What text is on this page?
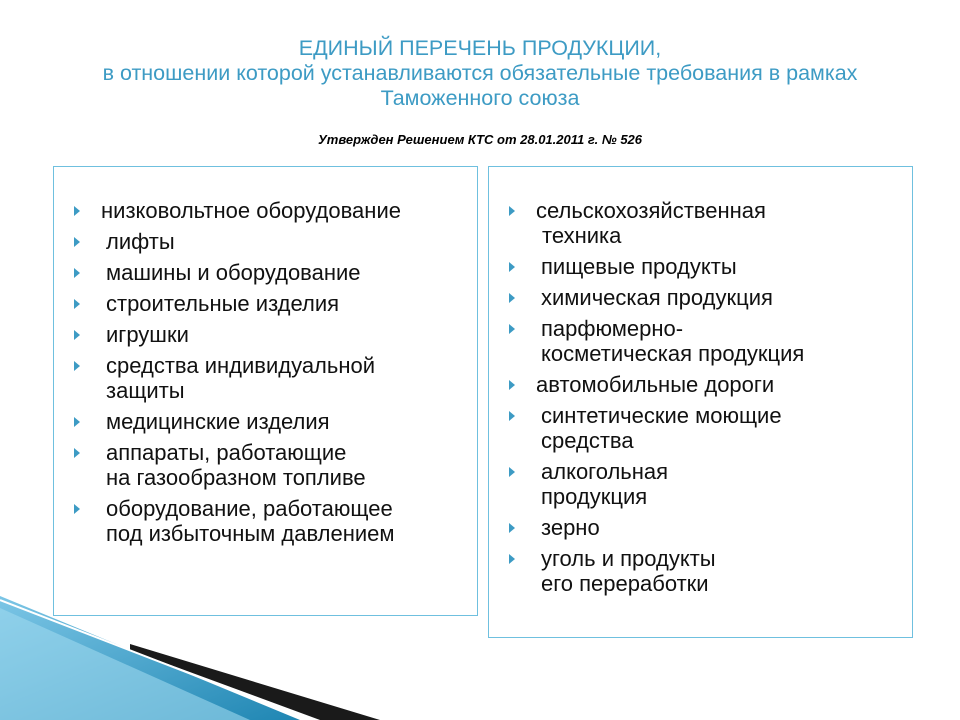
ЕДИНЫЙ ПЕРЕЧЕНЬ ПРОДУКЦИИ,
в отношении которой устанавливаются обязательные требования в рамках
Таможенного союза
Утвержден Решением КТС от 28.01.2011 г. № 526
низковольтное оборудование
лифты
машины и оборудование
строительные изделия
игрушки
средства индивидуальной
защиты
медицинские изделия
аппараты, работающие
на газообразном топливе
оборудование, работающее
под избыточным давлением
сельскохозяйственная
техника
пищевые продукты
химическая продукция
парфюмерно-
косметическая продукция
автомобильные дороги
синтетические моющие
средства
алкогольная
продукция
зерно
уголь и продукты
его переработки
